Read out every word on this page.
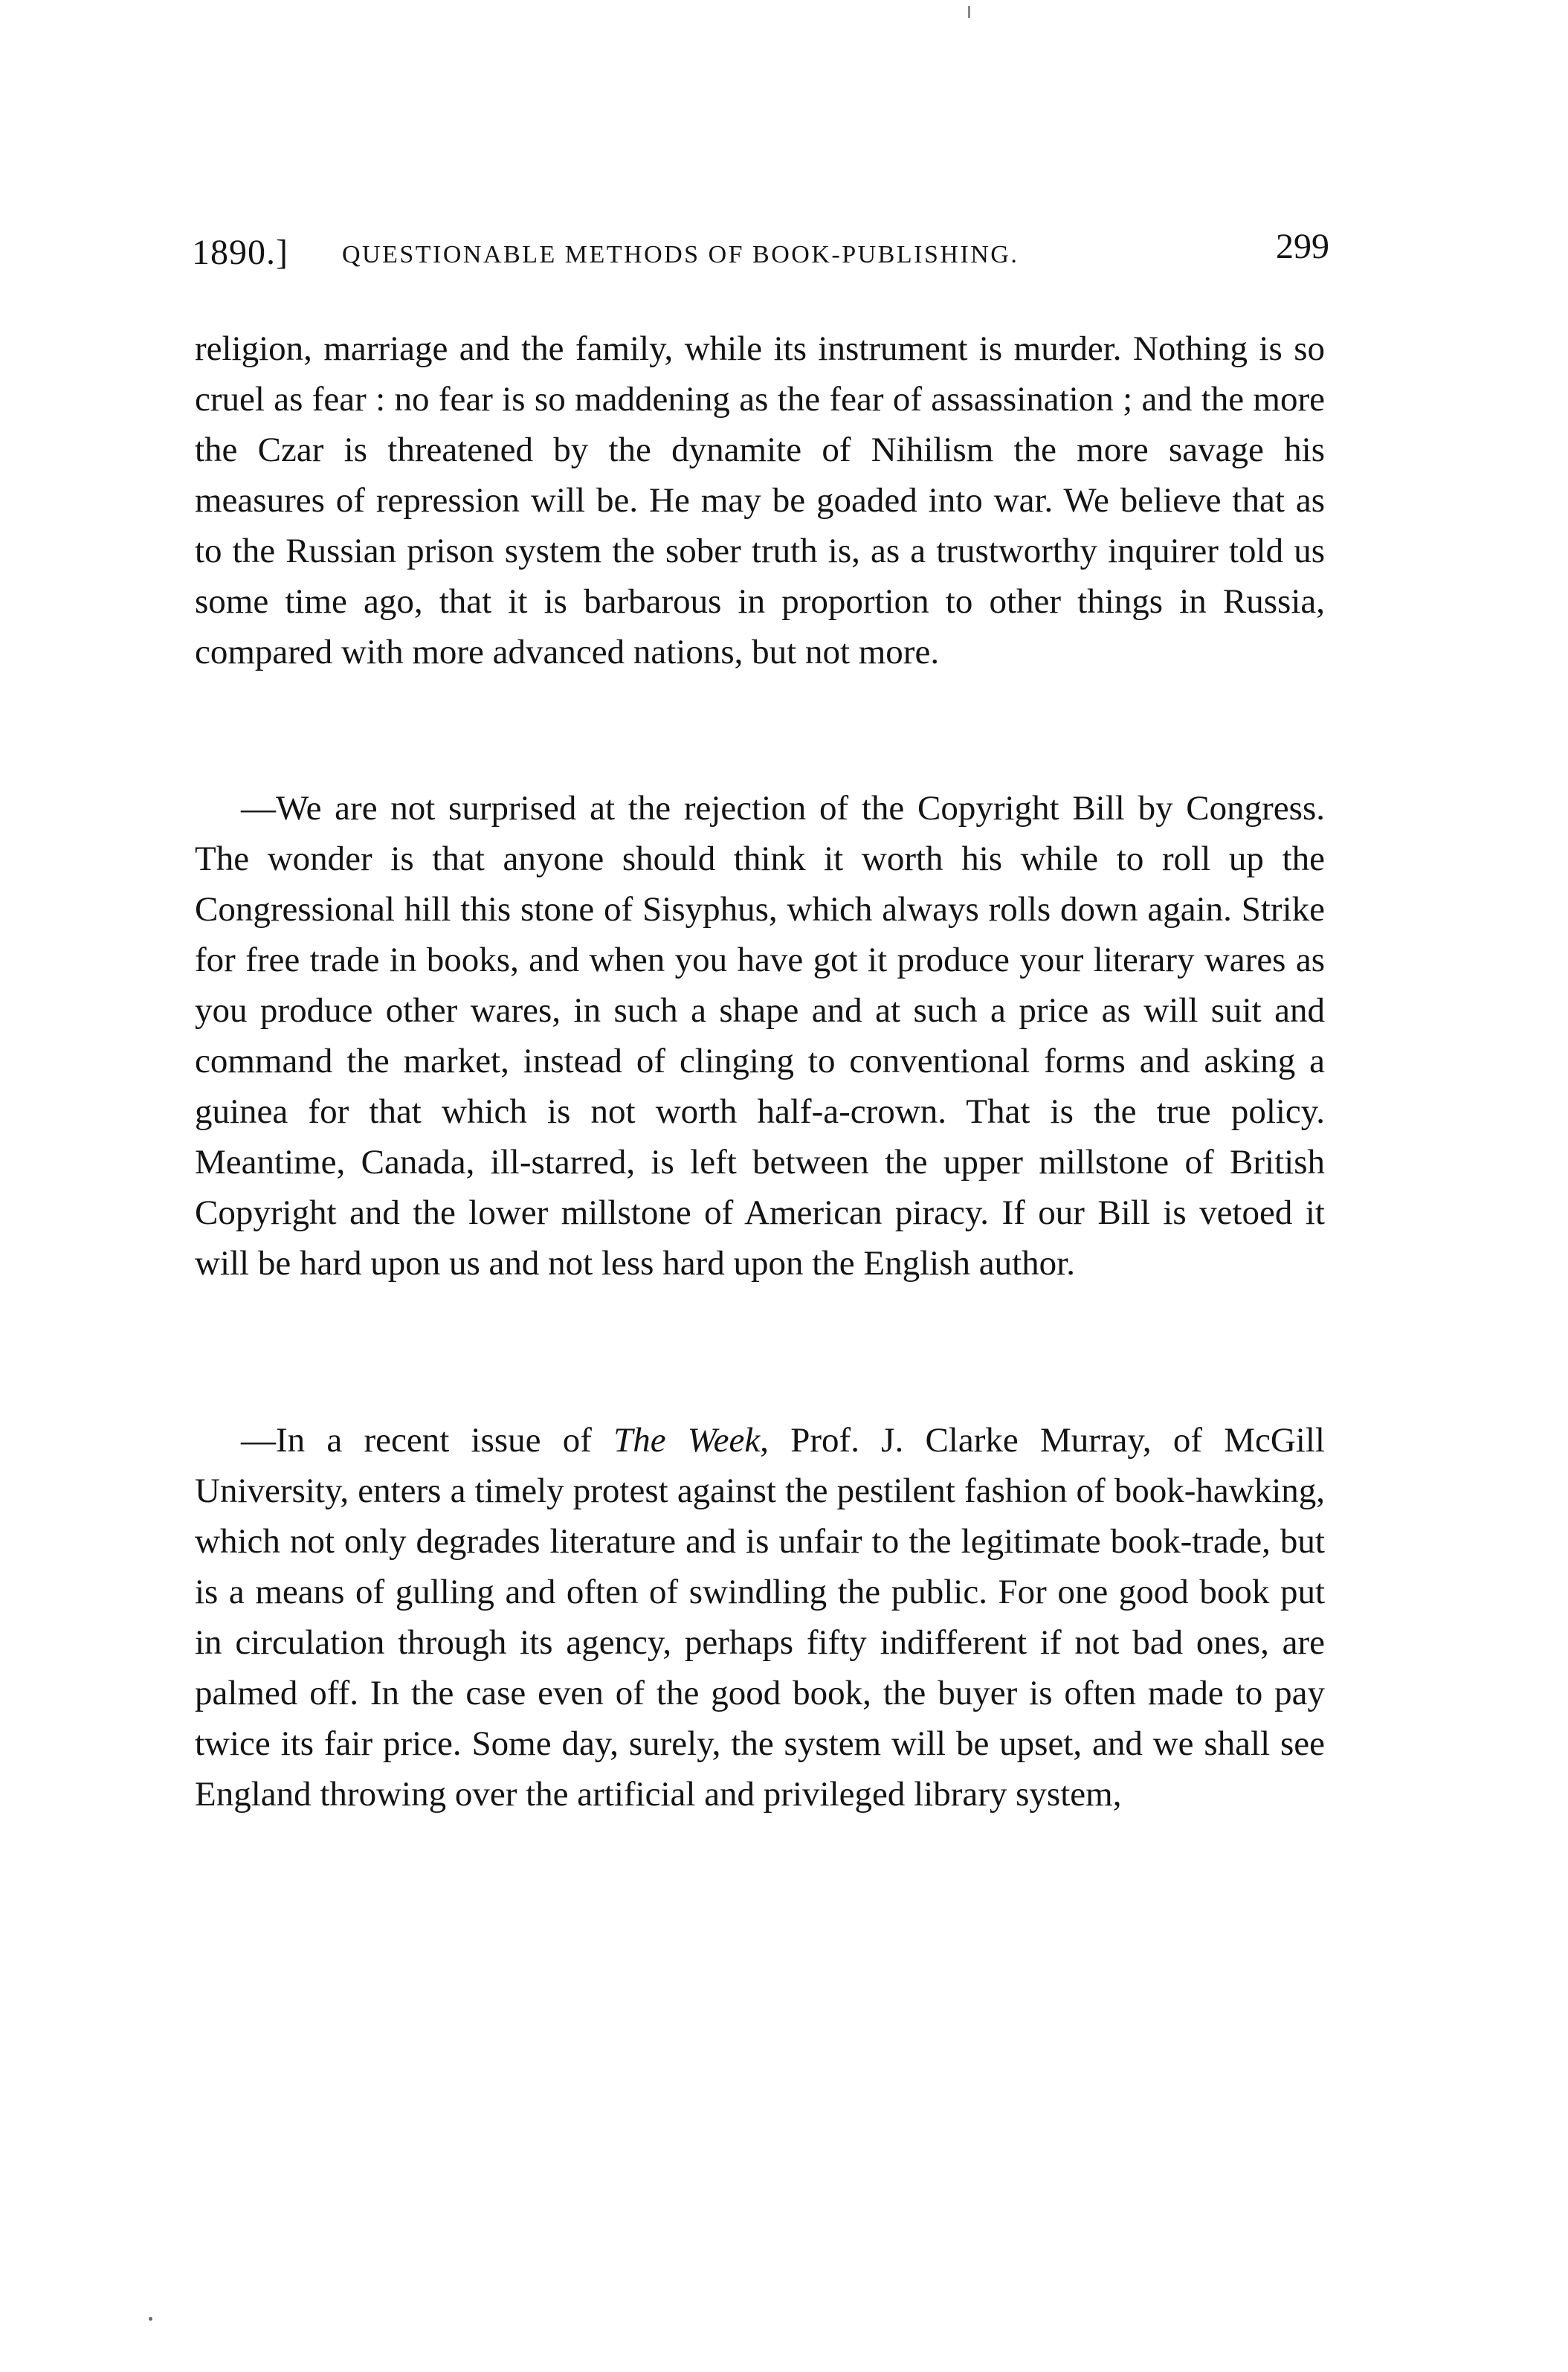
1890.] QUESTIONABLE METHODS OF BOOK-PUBLISHING.	299

religion, marriage and the family, while its instrument is murder. Nothing is so cruel as fear : no fear is so maddening as the fear of assassination ; and the more the Czar is threatened by the dynamite of Nihilism the more savage his measures of repression will be. He may be goaded into war. We believe that as to the Russian prison system the sober truth is, as a trustworthy inquirer told us some time ago, that it is barbarous in proportion to other things in Russia, compared with more advanced nations, but not more.

—We are not surprised at the rejection of the Copyright Bill by Congress. The wonder is that anyone should think it worth his while to roll up the Congressional hill this stone of Sisyphus, which always rolls down again. Strike for free trade in books, and when you have got it produce your literary wares as you produce other wares, in such a shape and at such a price as will suit and command the market, instead of clinging to conventional forms and asking a guinea for that which is not worth half-a-crown. That is the true policy. Meantime, Canada, ill-starred, is left between the upper millstone of British Copyright and the lower millstone of American piracy. If our Bill is vetoed it will be hard upon us and not less hard upon the English author.

—In a recent issue of The Week, Prof. J. Clarke Murray, of McGill University, enters a timely protest against the pestilent fashion of book-hawking, which not only degrades literature and is unfair to the legitimate book-trade, but is a means of gulling and often of swindling the public. For one good book put in circulation through its agency, perhaps fifty indifferent if not bad ones, are palmed off. In the case even of the good book, the buyer is often made to pay twice its fair price. Some day, surely, the system will be upset, and we shall see England throwing over the artificial and privileged library system,
